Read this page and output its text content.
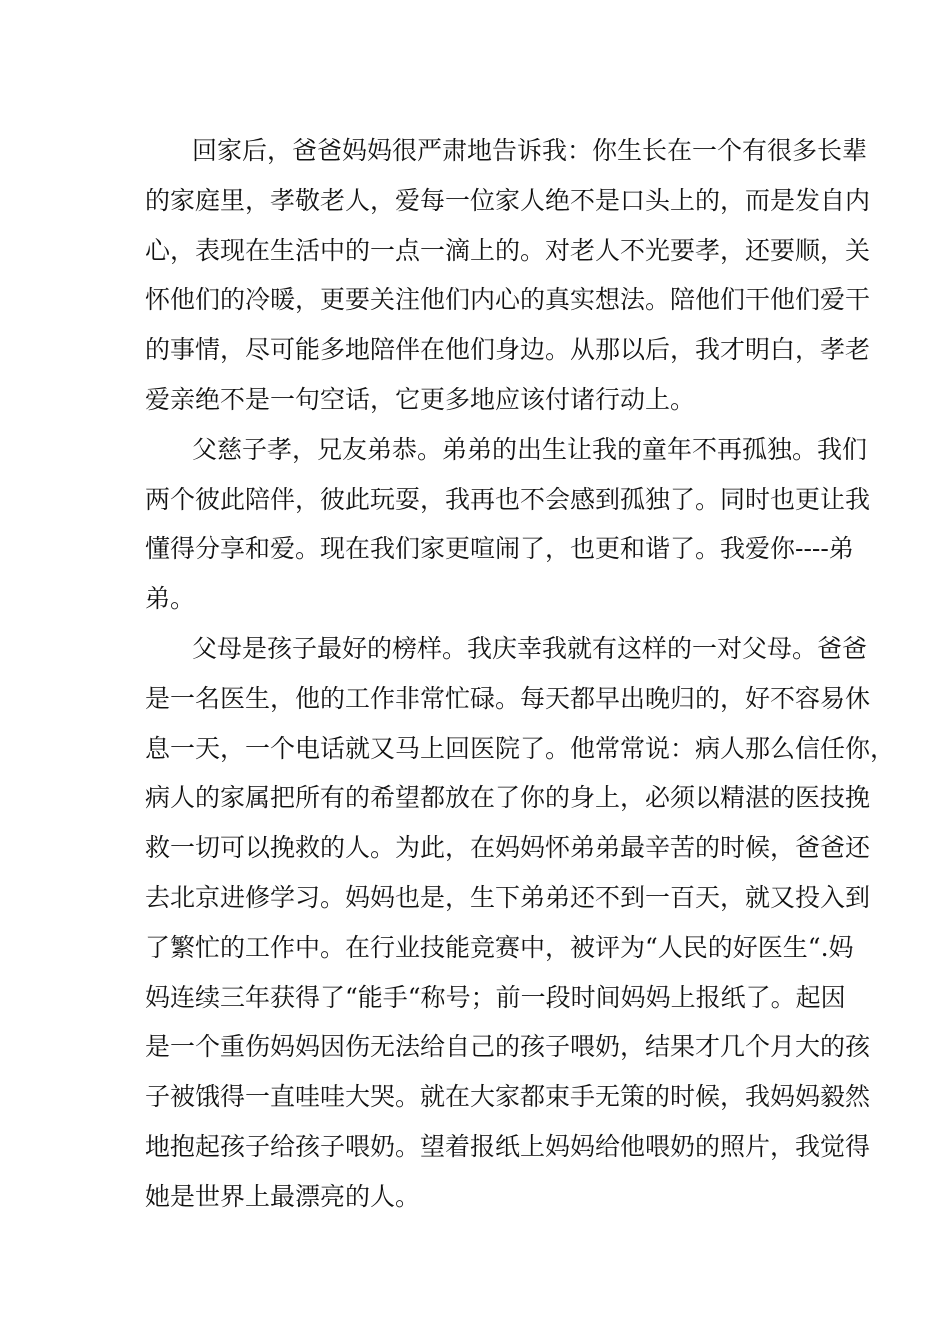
回家后，爸爸妈妈很严肃地告诉我：你生长在一个有很多长辈
的家庭里，孝敬老人，爱每一位家人绝不是口头上的，而是发自内
心，表现在生活中的一点一滴上的。对老人不光要孝，还要顺，关
怀他们的冷暖，更要关注他们内心的真实想法。陪他们干他们爱干
的事情，尽可能多地陪伴在他们身边。从那以后，我才明白，孝老
爱亲绝不是一句空话，它更多地应该付诸行动上。
父慈子孝，兄友弟恭。弟弟的出生让我的童年不再孤独。我们
两个彼此陪伴，彼此玩耍，我再也不会感到孤独了。同时也更让我
懂得分享和爱。现在我们家更喧闹了，也更和谐了。我爱你----弟
弟。
父母是孩子最好的榜样。我庆幸我就有这样的一对父母。爸爸
是一名医生，他的工作非常忙碌。每天都早出晚归的，好不容易休
息一天，一个电话就又马上回医院了。他常常说：病人那么信任你，
病人的家属把所有的希望都放在了你的身上，必须以精湛的医技挽
救一切可以挽救的人。为此，在妈妈怀弟弟最辛苦的时候，爸爸还
去北京进修学习。妈妈也是，生下弟弟还不到一百天，就又投入到
了繁忙的工作中。在行业技能竞赛中，被评为“人民的好医生“.妈
妈连续三年获得了“能手“称号；前一段时间妈妈上报纸了。起因
是一个重伤妈妈因伤无法给自己的孩子喂奶，结果才几个月大的孩
子被饿得一直哇哇大哭。就在大家都束手无策的时候，我妈妈毅然
地抱起孩子给孩子喂奶。望着报纸上妈妈给他喂奶的照片，我觉得
她是世界上最漂亮的人。
